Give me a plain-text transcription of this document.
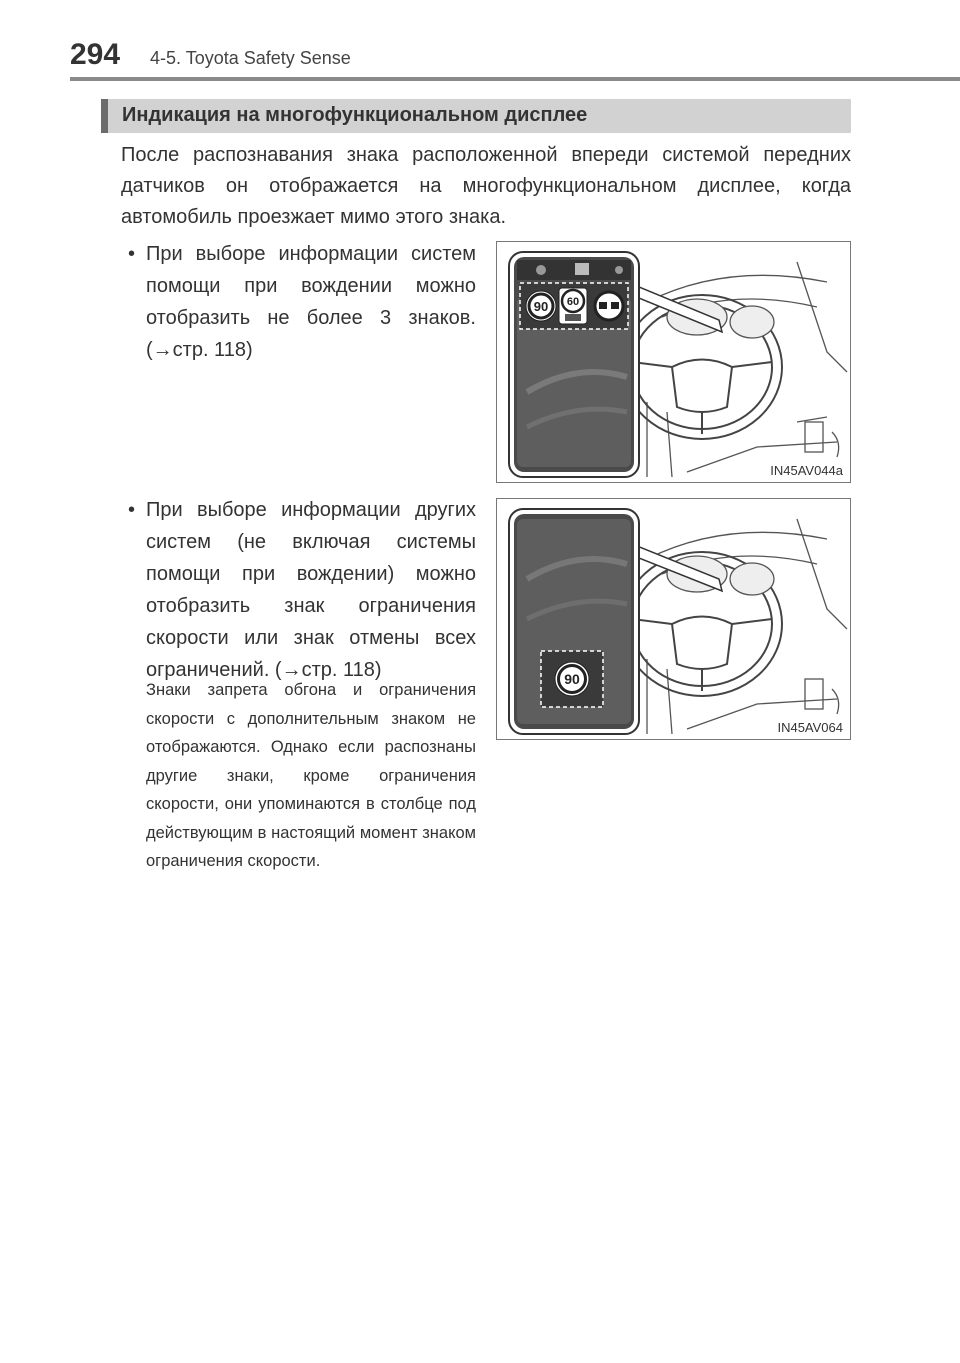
294 4-5. Toyota Safety Sense
Индикация на многофункциональном дисплее

После распознавания знака расположенной впереди системой передних датчиков он отображается на многофункциональном дисплее, когда автомобиль проезжает мимо этого знака.

• При выборе информации систем помощи при вождении можно отобразить не более 3 знаков. (→стр. 118)
• При выборе информации других систем (не включая системы помощи при вождении) можно отобразить знак ограничения скорости или знак отмены всех ограничений. (→стр. 118)

Знаки запрета обгона и ограничения скорости с дополнительным знаком не отображаются. Однако если распознаны другие знаки, кроме ограничения скорости, они упоминаются в столбце под действующим в настоящий момент знаком ограничения скорости.

90 60
IN45AV044a
90
IN45AV064
